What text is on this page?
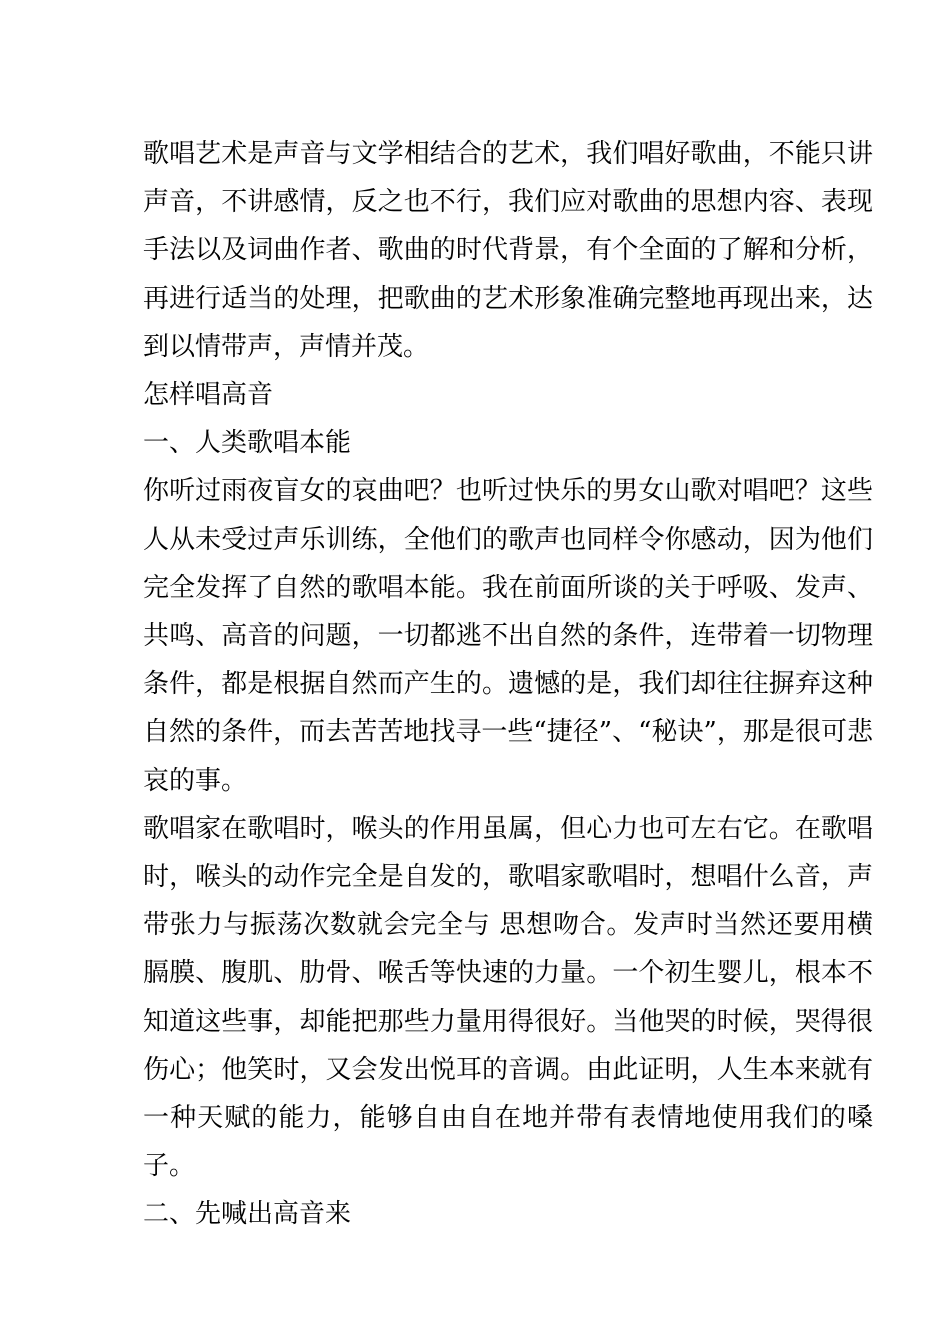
歌唱艺术是声音与文学相结合的艺术，我们唱好歌曲，不能只讲声音，不讲感情，反之也不行，我们应对歌曲的思想内容、表现手法以及词曲作者、歌曲的时代背景，有个全面的了解和分析，再进行适当的处理，把歌曲的艺术形象准确完整地再现出来，达到以情带声，声情并茂。

怎样唱高音

一、人类歌唱本能

你听过雨夜盲女的哀曲吧？也听过快乐的男女山歌对唱吧？这些人从未受过声乐训练，全他们的歌声也同样令你感动，因为他们完全发挥了自然的歌唱本能。我在前面所谈的关于呼吸、发声、共鸣、高音的问题，一切都逃不出自然的条件，连带着一切物理条件，都是根据自然而产生的。遗憾的是，我们却往往摒弃这种自然的条件，而去苦苦地找寻一些“捷径”、“秘诀”，那是很可悲哀的事。

歌唱家在歌唱时，喉头的作用虽属，但心力也可左右它。在歌唱时，喉头的动作完全是自发的，歌唱家歌唱时，想唱什么音，声带张力与振荡次数就会完全与 思想吻合。发声时当然还要用横膈膜、腹肌、肋骨、喉舌等快速的力量。一个初生婴儿，根本不知道这些事，却能把那些力量用得很好。当他哭的时候，哭得很伤心；他笑时，又会发出悦耳的音调。由此证明，人生本来就有一种天赋的能力，能够自由自在地并带有表情地使用我们的嗓子。

二、先喊出高音来
